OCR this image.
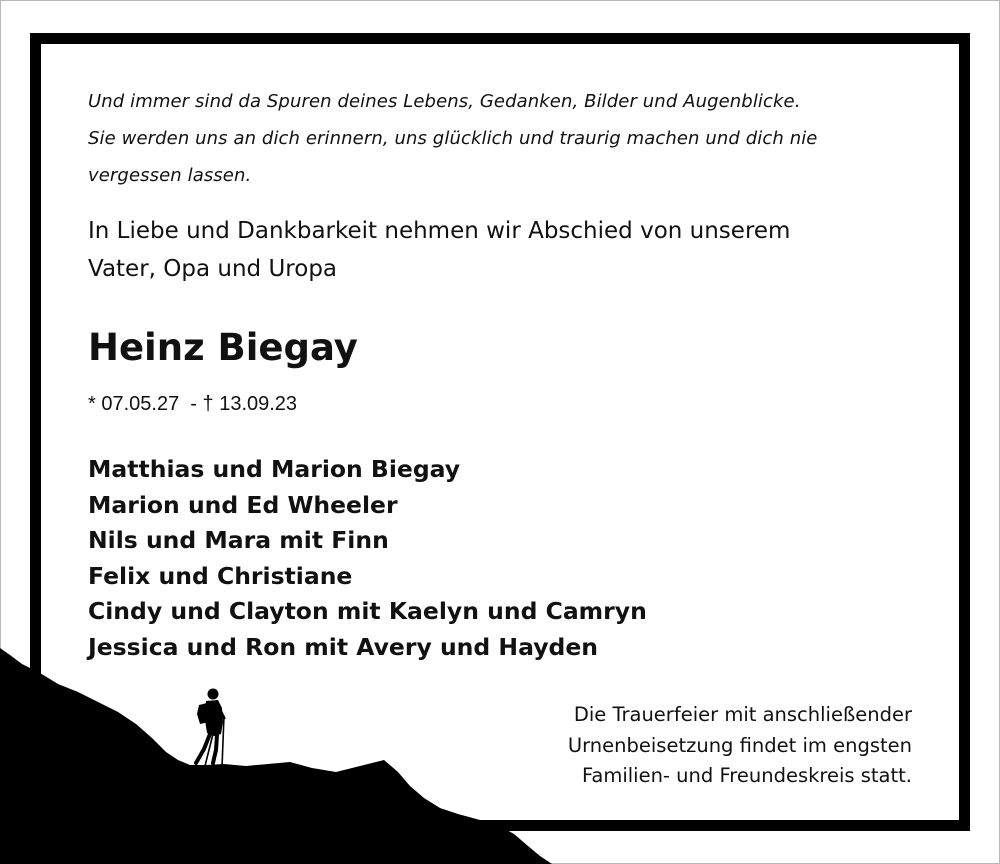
Und immer sind da Spuren deines Lebens, Gedanken, Bilder und Augenblicke.
Sie werden uns an dich erinnern, uns glücklich und traurig machen und dich nie
vergessen lassen.
In Liebe und Dankbarkeit nehmen wir Abschied von unserem
Vater, Opa und Uropa
Heinz Biegay
* 07.05.27  - † 13.09.23
Matthias und Marion Biegay
Marion und Ed Wheeler
Nils und Mara mit Finn
Felix und Christiane
Cindy und Clayton mit Kaelyn und Camryn
Jessica und Ron mit Avery und Hayden
Die Trauerfeier mit anschließender
Urnenbeisetzung findet im engsten
Familien- und Freundeskreis statt.
